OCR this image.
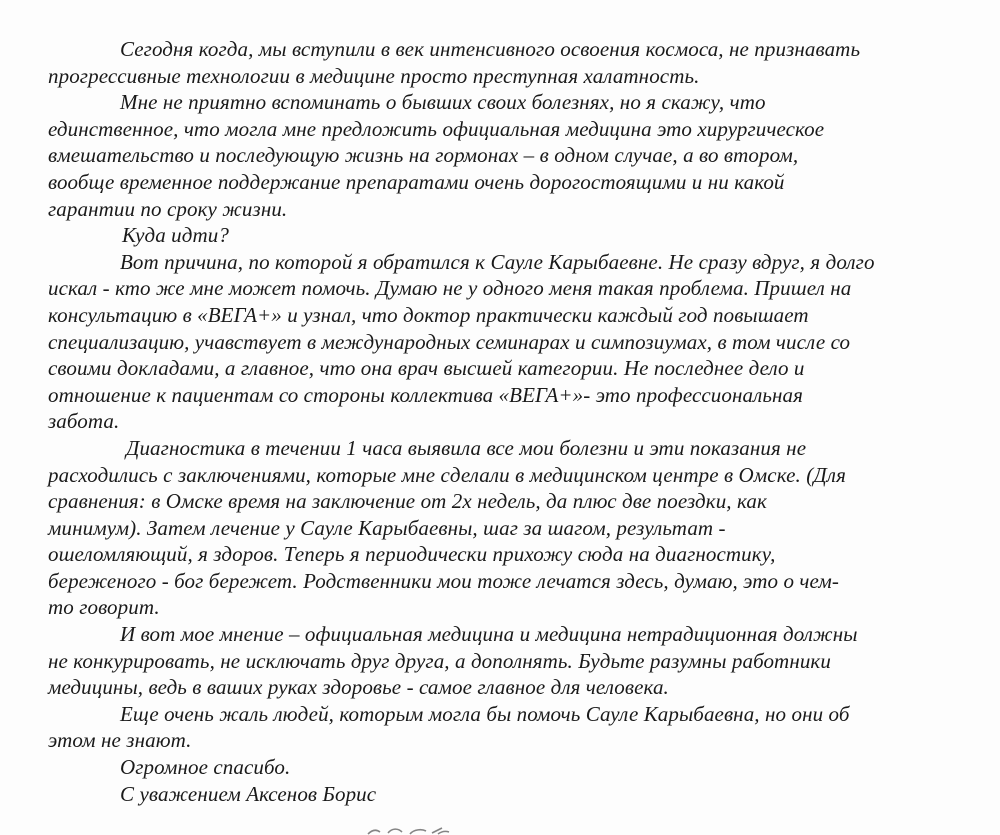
Сегодня когда, мы вступили в век интенсивного освоения космоса, не признавать
прогрессивные технологии в медицине просто преступная халатность.
Мне не приятно вспоминать о бывших своих болезнях, но я скажу, что
единственное, что могла мне предложить официальная медицина это хирургическое
вмешательство и последующую жизнь на гормонах – в одном случае, а во втором,
вообще временное поддержание препаратами очень дорогостоящими и ни какой
гарантии по сроку жизни.
Куда идти?
Вот причина, по которой я обратился к Сауле Карыбаевне. Не сразу вдруг, я долго
искал - кто же мне может помочь. Думаю не у одного меня такая проблема. Пришел на
консультацию в «ВЕГА+» и узнал, что доктор практически каждый год повышает
специализацию, учавствует в международных семинарах и симпозиумах, в том числе со
своими докладами, а главное, что она врач высшей категории. Не последнее дело и
отношение к пациентам со стороны коллектива «ВЕГА+»- это профессиональная
забота.
Диагностика в течении 1 часа выявила все мои болезни и эти показания не
расходились с заключениями, которые мне сделали в медицинском центре в Омске. (Для
сравнения: в Омске время на заключение от 2х недель, да плюс две поездки, как
минимум). Затем лечение у Сауле Карыбаевны, шаг за шагом, результат -
ошеломляющий, я здоров. Теперь я периодически прихожу сюда на диагностику,
береженого - бог бережет. Родственники мои тоже лечатся здесь, думаю, это о чем-
то говорит.
И вот мое мнение – официальная медицина и медицина нетрадиционная должны
не конкурировать, не исключать друг друга, а дополнять. Будьте разумны работники
медицины, ведь в ваших руках здоровье - самое главное для человека.
Еще очень жаль людей, которым могла бы помочь Сауле Карыбаевна, но они об
этом не знают.
Огромное спасибо.
С уважением Аксенов Борис
